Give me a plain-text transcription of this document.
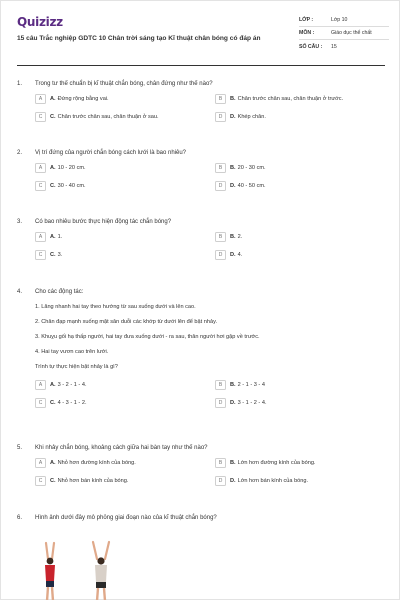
Quizizz
15 câu Trắc nghiệp GDTC 10 Chân trời sáng tạo Kĩ thuật chân bóng có đáp án
LỚP :	Lớp 10
MÔN :	Giáo dục thể chất
SỐ CÂU :	15
1.	Trong tư thế chuẩn bị kĩ thuật chắn bóng, chân đứng như thế nào?
A	A. Đứng rộng bằng vai.	B	B. Chân trước chân sau, chân thuận ở trước.
C	C. Chân trước chân sau, chân thuận ở sau.	D	D. Khép chân.
2.	Vị trí đứng của người chắn bóng cách lưới là bao nhiêu?
A	A. 10 - 20 cm.	B	B. 20 - 30 cm.
C	C. 30 - 40 cm.	D	D. 40 - 50 cm.
3.	Có bao nhiêu bước thực hiện động tác chắn bóng?
A	A. 1.	B	B. 2.
C	C. 3.	D	D. 4.
4.	Cho các động tác:
1. Lăng nhanh hai tay theo hướng từ sau xuống dưới và lên cao.
2. Chân đạp mạnh xuống mặt sân duỗi các khớp từ dưới lên để bật nhảy.
3. Khuỵu gối hạ thấp người, hai tay đưa xuống dưới - ra sau, thân người hơi gập về trước.
4. Hai tay vươn cao trên lưới.
Trình tự thực hiện bật nhảy là gì?
A	A. 3 - 2 - 1 - 4.	B	B. 2 - 1 - 3 - 4
C	C. 4 - 3 - 1 - 2.	D	D. 3 - 1 - 2 - 4.
5.	Khi nhảy chắn bóng, khoảng cách giữa hai bàn tay như thế nào?
A	A. Nhỏ hơn đường kính của bóng.	B	B. Lớn hơn đường kính của bóng.
C	C. Nhỏ hơn bán kính của bóng.	D	D. Lớn hơn bán kính của bóng.
6.	Hình ảnh dưới đây mô phỏng giai đoạn nào của kĩ thuật chắn bóng?
